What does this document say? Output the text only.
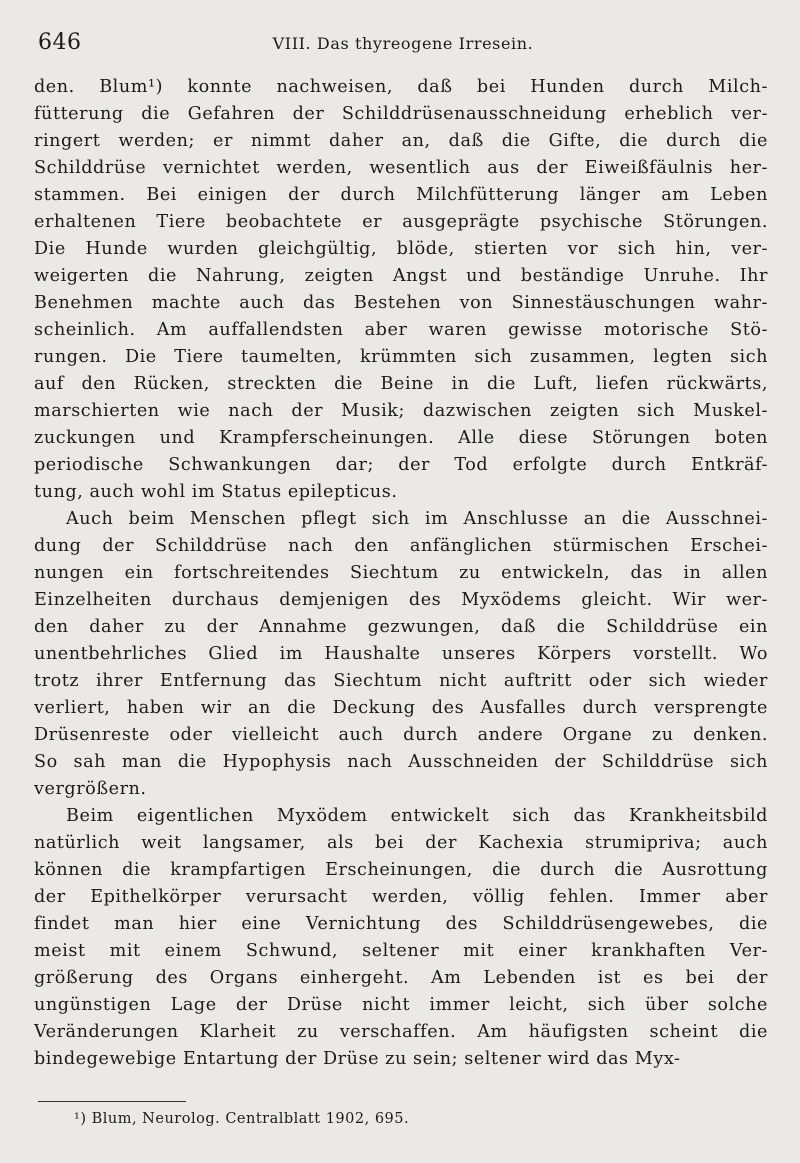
646	VIII. Das thyreogene Irresein.
den. Blum¹) konnte nachweisen, daß bei Hunden durch Milch-
fütterung die Gefahren der Schilddrüsenausschneidung erheblich ver-
ringert werden; er nimmt daher an, daß die Gifte, die durch die
Schilddrüse vernichtet werden, wesentlich aus der Eiweißfäulnis her-
stammen. Bei einigen der durch Milchfütterung länger am Leben
erhaltenen Tiere beobachtete er ausgeprägte psychische Störungen.
Die Hunde wurden gleichgültig, blöde, stierten vor sich hin, ver-
weigerten die Nahrung, zeigten Angst und beständige Unruhe. Ihr
Benehmen machte auch das Bestehen von Sinnestäuschungen wahr-
scheinlich. Am auffallendsten aber waren gewisse motorische Stö-
rungen. Die Tiere taumelten, krümmten sich zusammen, legten sich
auf den Rücken, streckten die Beine in die Luft, liefen rückwärts,
marschierten wie nach der Musik; dazwischen zeigten sich Muskel-
zuckungen und Krampferscheinungen. Alle diese Störungen boten
periodische Schwankungen dar; der Tod erfolgte durch Entkräf-
tung, auch wohl im Status epilepticus.
Auch beim Menschen pflegt sich im Anschlusse an die Ausschnei-
dung der Schilddrüse nach den anfänglichen stürmischen Erschei-
nungen ein fortschreitendes Siechtum zu entwickeln, das in allen
Einzelheiten durchaus demjenigen des Myxödems gleicht. Wir wer-
den daher zu der Annahme gezwungen, daß die Schilddrüse ein
unentbehrliches Glied im Haushalte unseres Körpers vorstellt. Wo
trotz ihrer Entfernung das Siechtum nicht auftritt oder sich wieder
verliert, haben wir an die Deckung des Ausfalles durch versprengte
Drüsenreste oder vielleicht auch durch andere Organe zu denken.
So sah man die Hypophysis nach Ausschneiden der Schilddrüse sich
vergrößern.
Beim eigentlichen Myxödem entwickelt sich das Krankheitsbild
natürlich weit langsamer, als bei der Kachexia strumipriva; auch
können die krampfartigen Erscheinungen, die durch die Ausrottung
der Epithelkörper verursacht werden, völlig fehlen. Immer aber
findet man hier eine Vernichtung des Schilddrüsengewebes, die
meist mit einem Schwund, seltener mit einer krankhaften Ver-
größerung des Organs einhergeht. Am Lebenden ist es bei der
ungünstigen Lage der Drüse nicht immer leicht, sich über solche
Veränderungen Klarheit zu verschaffen. Am häufigsten scheint die
bindegewebige Entartung der Drüse zu sein; seltener wird das Myx-
¹) Blum, Neurolog. Centralblatt 1902, 695.
